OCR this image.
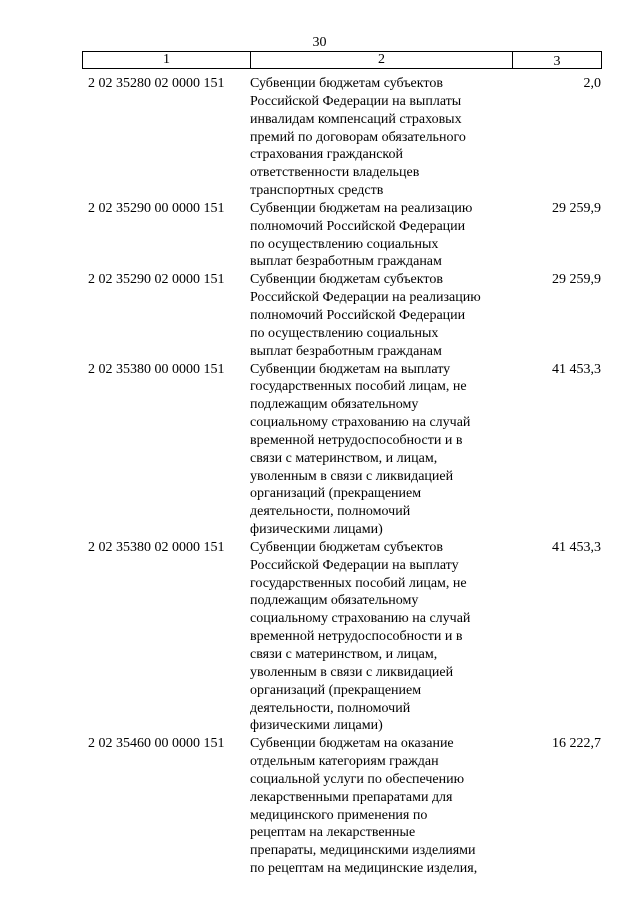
30
1	2	3
2 02 35280 02 0000 151	Субвенции бюджетам субъектов
Российской Федерации на выплаты
инвалидам компенсаций страховых
премий по договорам обязательного
страхования гражданской
ответственности владельцев
транспортных средств
2,0
2 02 35290 00 0000 151	Субвенции бюджетам на реализацию
полномочий Российской Федерации
по осуществлению социальных
выплат безработным гражданам
29 259,9
2 02 35290 02 0000 151	Субвенции бюджетам субъектов
Российской Федерации на реализацию
полномочий Российской Федерации
по осуществлению социальных
выплат безработным гражданам
29 259,9
2 02 35380 00 0000 151	Субвенции бюджетам на выплату
государственных пособий лицам, не
подлежащим обязательному
социальному страхованию на случай
временной нетрудоспособности и в
связи с материнством, и лицам,
уволенным в связи с ликвидацией
организаций (прекращением
деятельности, полномочий
физическими лицами)
41 453,3
2 02 35380 02 0000 151	Субвенции бюджетам субъектов
Российской Федерации на выплату
государственных пособий лицам, не
подлежащим обязательному
социальному страхованию на случай
временной нетрудоспособности и в
связи с материнством, и лицам,
уволенным в связи с ликвидацией
организаций (прекращением
деятельности, полномочий
физическими лицами)
41 453,3
2 02 35460 00 0000 151	Субвенции бюджетам на оказание
отдельным категориям граждан
социальной услуги по обеспечению
лекарственными препаратами для
медицинского применения по
рецептам на лекарственные
препараты, медицинскими изделиями
по рецептам на медицинские изделия,
16 222,7
